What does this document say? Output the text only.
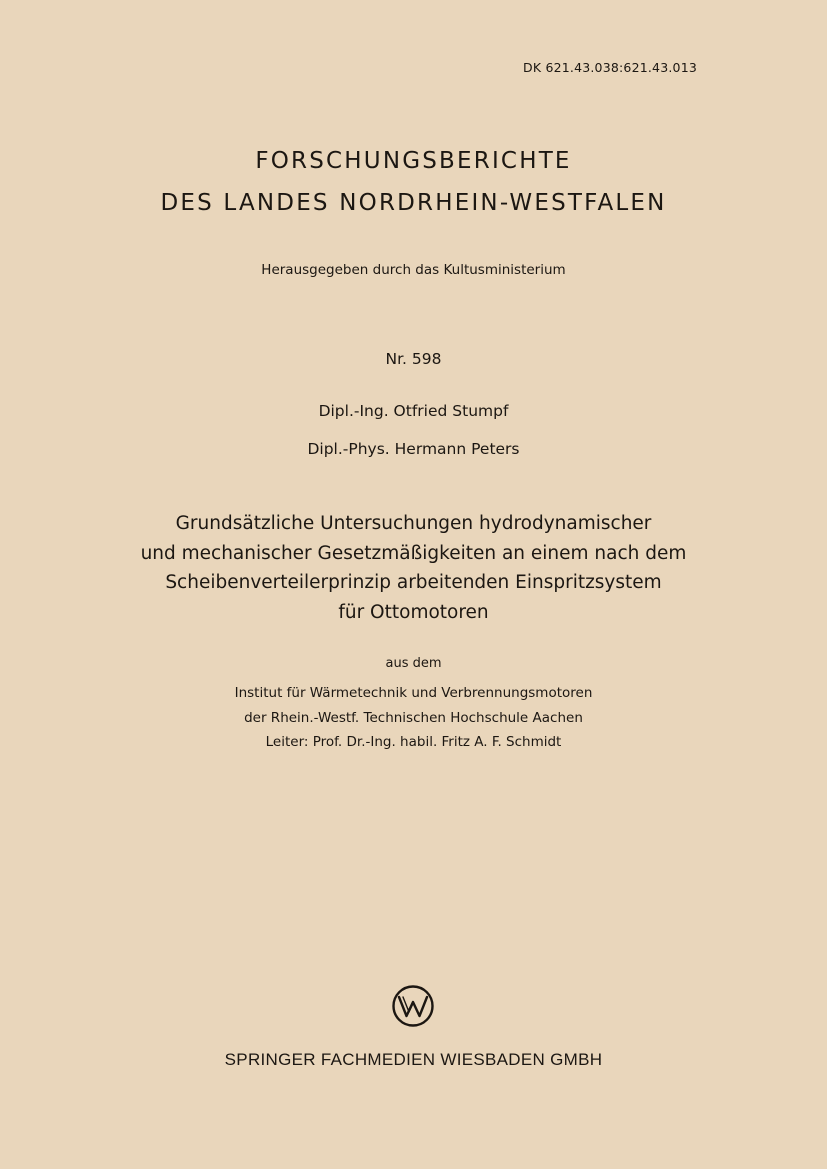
DK 621.43.038:621.43.013
FORSCHUNGSBERICHTE
DES LANDES NORDRHEIN-WESTFALEN
Herausgegeben durch das Kultusministerium
Nr. 598
Dipl.-Ing. Otfried Stumpf
Dipl.-Phys. Hermann Peters
Grundsätzliche Untersuchungen hydrodynamischer
und mechanischer Gesetzmäßigkeiten an einem nach dem
Scheibenverteilerprinzip arbeitenden Einspritzsystem
für Ottomotoren
aus dem
Institut für Wärmetechnik und Verbrennungsmotoren
der Rhein.-Westf. Technischen Hochschule Aachen
Leiter: Prof. Dr.-Ing. habil. Fritz A. F. Schmidt
SPRINGER FACHMEDIEN WIESBADEN GMBH
